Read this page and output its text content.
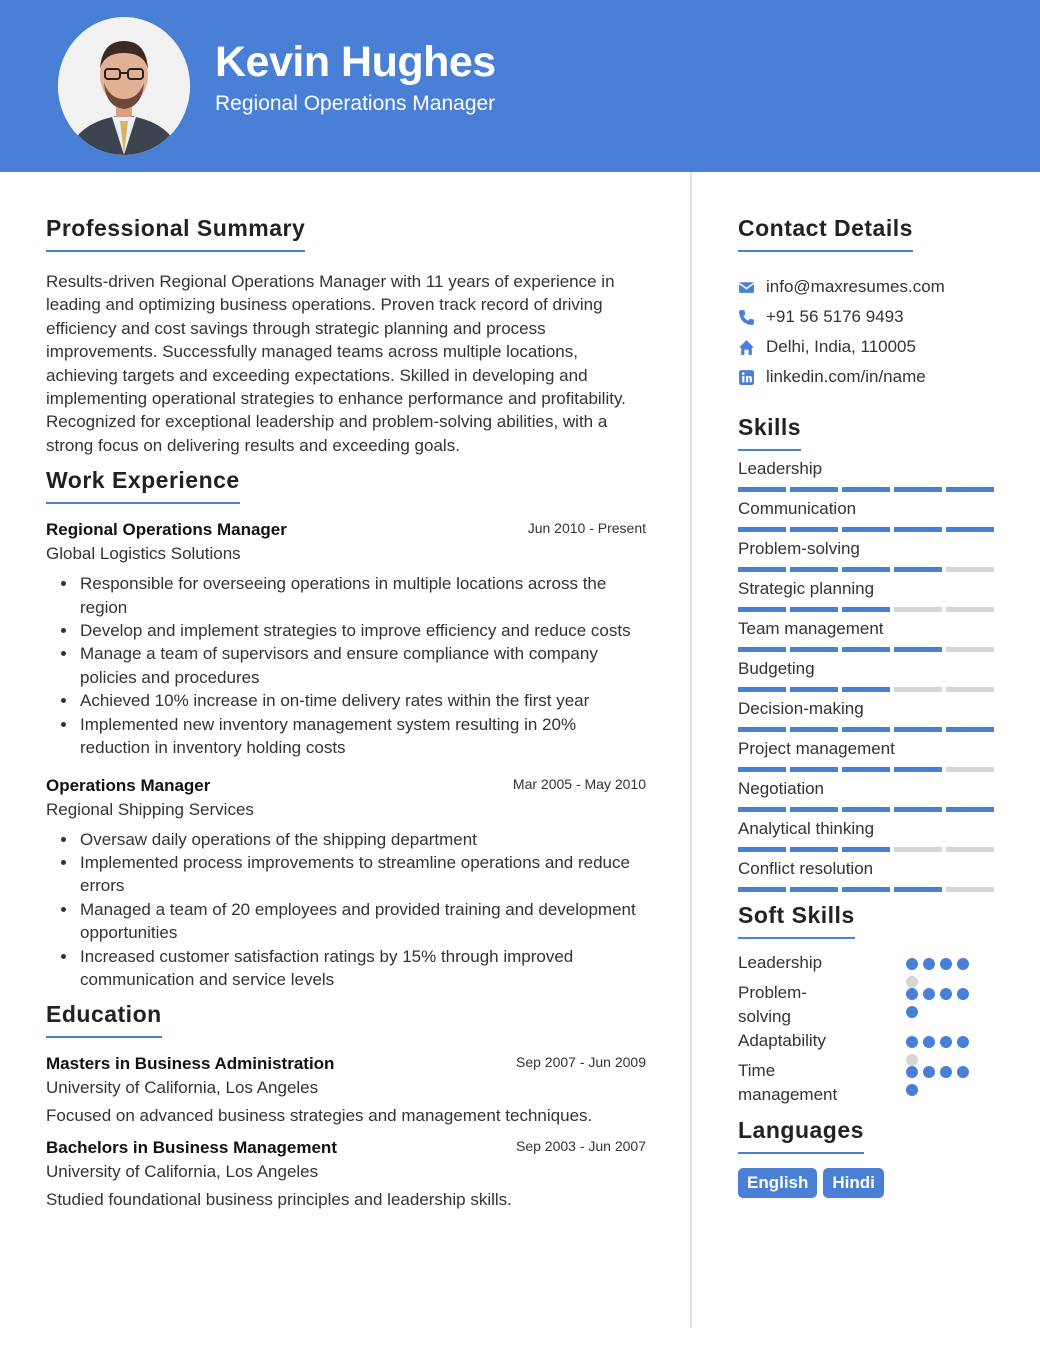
Kevin Hughes
Regional Operations Manager
Professional Summary

Results-driven Regional Operations Manager with 11 years of experience in leading and optimizing business operations. Proven track record of driving efficiency and cost savings through strategic planning and process improvements. Successfully managed teams across multiple locations, achieving targets and exceeding expectations. Skilled in developing and implementing operational strategies to enhance performance and profitability. Recognized for exceptional leadership and problem-solving abilities, with a strong focus on delivering results and exceeding goals.

Work Experience
Regional Operations Manager	Jun 2010 - Present
Global Logistics Solutions
• Responsible for overseeing operations in multiple locations across the region
• Develop and implement strategies to improve efficiency and reduce costs
• Manage a team of supervisors and ensure compliance with company policies and procedures
• Achieved 10% increase in on-time delivery rates within the first year
• Implemented new inventory management system resulting in 20% reduction in inventory holding costs
Operations Manager	Mar 2005 - May 2010
Regional Shipping Services
• Oversaw daily operations of the shipping department
• Implemented process improvements to streamline operations and reduce errors
• Managed a team of 20 employees and provided training and development opportunities
• Increased customer satisfaction ratings by 15% through improved communication and service levels
Education
Masters in Business Administration	Sep 2007 - Jun 2009
University of California, Los Angeles
Focused on advanced business strategies and management techniques.
Bachelors in Business Management	Sep 2003 - Jun 2007
University of California, Los Angeles
Studied foundational business principles and leadership skills.
Contact Details
info@maxresumes.com
+91 56 5176 9493
Delhi, India, 110005
linkedin.com/in/name
Skills
Leadership
Communication
Problem-solving
Strategic planning
Team management
Budgeting
Decision-making
Project management
Negotiation
Analytical thinking
Conflict resolution
Soft Skills
Leadership
Problem-solving
Adaptability
Time management
Languages
English	Hindi
